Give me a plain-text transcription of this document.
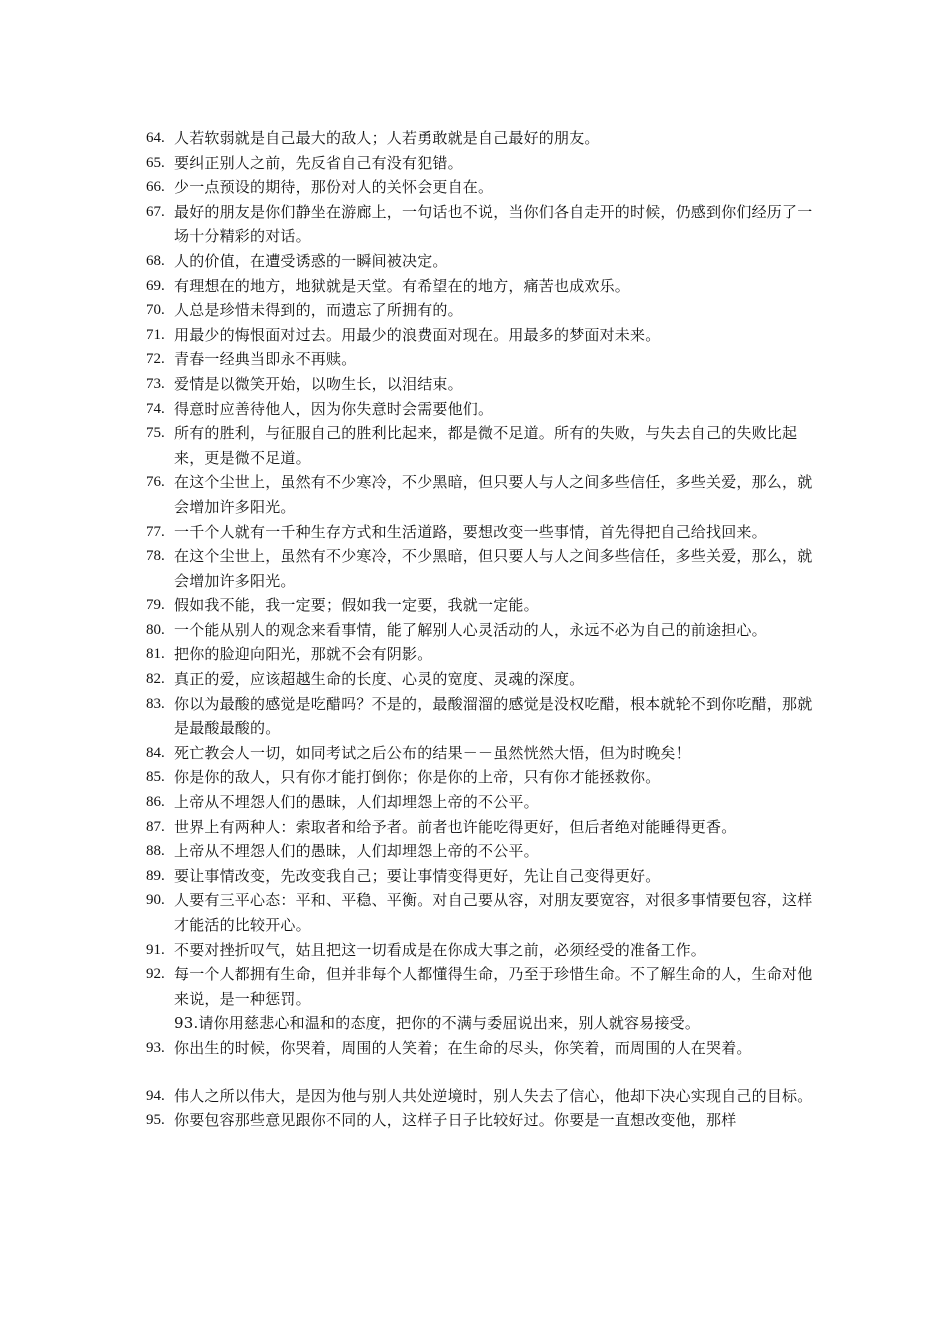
64. 人若软弱就是自己最大的敌人；人若勇敢就是自己最好的朋友。
65. 要纠正别人之前，先反省自己有没有犯错。
66. 少一点预设的期待，那份对人的关怀会更自在。
67. 最好的朋友是你们静坐在游廊上，一句话也不说，当你们各自走开的时候，仍感到你们经历了一场十分精彩的对话。
68. 人的价值，在遭受诱惑的一瞬间被决定。
69. 有理想在的地方，地狱就是天堂。有希望在的地方，痛苦也成欢乐。
70. 人总是珍惜未得到的，而遗忘了所拥有的。
71. 用最少的悔恨面对过去。用最少的浪费面对现在。用最多的梦面对未来。
72. 青春一经典当即永不再赎。
73. 爱情是以微笑开始，以吻生长，以泪结束。
74. 得意时应善待他人，因为你失意时会需要他们。
75. 所有的胜利，与征服自己的胜利比起来，都是微不足道。所有的失败，与失去自己的失败比起来，更是微不足道。
76. 在这个尘世上，虽然有不少寒冷，不少黑暗，但只要人与人之间多些信任，多些关爱，那么，就会增加许多阳光。
77. 一千个人就有一千种生存方式和生活道路，要想改变一些事情，首先得把自己给找回来。
78. 在这个尘世上，虽然有不少寒冷，不少黑暗，但只要人与人之间多些信任，多些关爱，那么，就会增加许多阳光。
79. 假如我不能，我一定要；假如我一定要，我就一定能。
80. 一个能从别人的观念来看事情，能了解别人心灵活动的人，永远不必为自己的前途担心。
81. 把你的脸迎向阳光，那就不会有阴影。
82. 真正的爱，应该超越生命的长度、心灵的宽度、灵魂的深度。
83. 你以为最酸的感觉是吃醋吗？不是的，最酸溜溜的感觉是没权吃醋，根本就轮不到你吃醋，那就是最酸最酸的。
84. 死亡教会人一切，如同考试之后公布的结果－－虽然恍然大悟，但为时晚矣！
85. 你是你的敌人，只有你才能打倒你；你是你的上帝，只有你才能拯救你。
86. 上帝从不埋怨人们的愚昧，人们却埋怨上帝的不公平。
87. 世界上有两种人：索取者和给予者。前者也许能吃得更好，但后者绝对能睡得更香。
88. 上帝从不埋怨人们的愚昧，人们却埋怨上帝的不公平。
89. 要让事情改变，先改变我自己；要让事情变得更好，先让自己变得更好。
90. 人要有三平心态：平和、平稳、平衡。对自己要从容，对朋友要宽容，对很多事情要包容，这样才能活的比较开心。
91. 不要对挫折叹气，姑且把这一切看成是在你成大事之前，必须经受的准备工作。
92. 每一个人都拥有生命，但并非每个人都懂得生命，乃至于珍惜生命。不了解生命的人，生命对他来说，是一种惩罚。
93.请你用慈悲心和温和的态度，把你的不满与委屈说出来，别人就容易接受。
93. 你出生的时候，你哭着，周围的人笑着；在生命的尽头，你笑着，而周围的人在哭着。
94. 伟人之所以伟大，是因为他与别人共处逆境时，别人失去了信心，他却下决心实现自己的目标。
95. 你要包容那些意见跟你不同的人，这样子日子比较好过。你要是一直想改变他，那样
